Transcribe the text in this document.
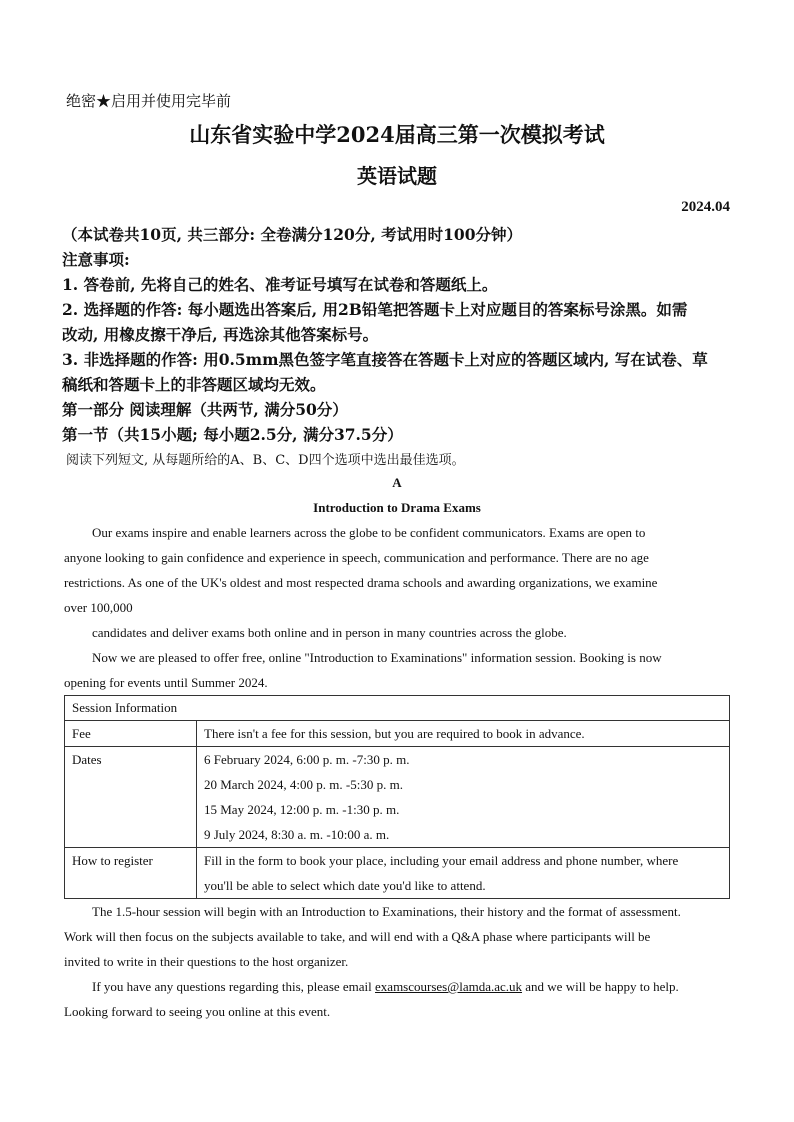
绝密★启用并使用完毕前

山东省实验中学2024届高三第一次模拟考试

英语试题

2024.04

（本试卷共10页, 共三部分: 全卷满分120分, 考试用时100分钟）

注意事项:

1. 答卷前, 先将自己的姓名、准考证号填写在试卷和答题纸上。

2. 选择题的作答: 每小题选出答案后, 用2B铅笔把答题卡上对应题目的答案标号涂黑。如需

改动, 用橡皮擦干净后, 再选涂其他答案标号。

3. 非选择题的作答: 用0.5mm黑色签字笔直接答在答题卡上对应的答题区域内, 写在试卷、草

稿纸和答题卡上的非答题区域均无效。

第一部分 阅读理解（共两节, 满分50分）

第一节（共15小题; 每小题2.5分, 满分37.5分）

阅读下列短文, 从每题所给的A、B、C、D四个选项中选出最佳选项。

A

Introduction to Drama Exams

Our exams inspire and enable learners across the globe to be confident communicators. Exams are open to

anyone looking to gain confidence and experience in speech, communication and performance. There are no age

restrictions. As one of the UK's oldest and most respected drama schools and awarding organizations, we examine

over 100,000

candidates and deliver exams both online and in person in many countries across the globe.

Now we are pleased to offer free, online "Introduction to Examinations" information session. Booking is now

opening for events until Summer 2024.

Session Information	

Fee	There isn't a fee for this session, but you are required to book in advance.

Dates	6 February 2024, 6:00 p. m. -7:30 p. m.
20 March 2024, 4:00 p. m. -5:30 p. m.
15 May 2024, 12:00 p. m. -1:30 p. m.
9 July 2024, 8:30 a. m. -10:00 a. m.

How to register	Fill in the form to book your place, including your email address and phone number, where
you'll be able to select which date you'd like to attend.

The 1.5-hour session will begin with an Introduction to Examinations, their history and the format of assessment.

Work will then focus on the subjects available to take, and will end with a Q&A phase where participants will be

invited to write in their questions to the host organizer.

If you have any questions regarding this, please email examscourses@lamda.ac.uk and we will be happy to help.

Looking forward to seeing you online at this event.
